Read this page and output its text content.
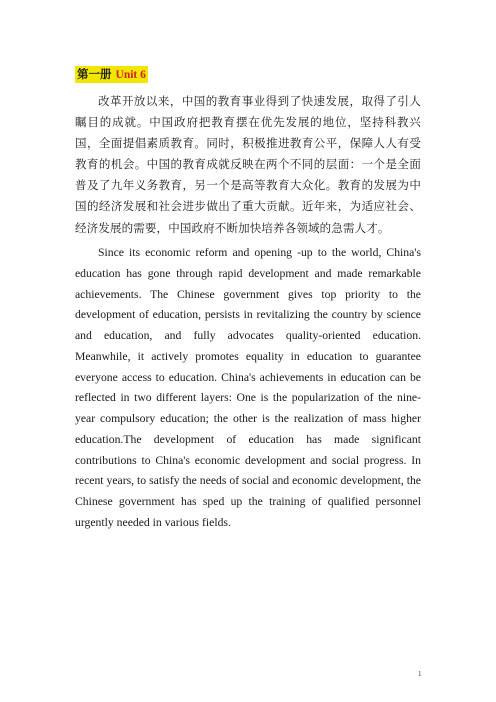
第一册 Unit 6

改革开放以来，中国的教育事业得到了快速发展，取得了引人瞩目的成就。中国政府把教育摆在优先发展的地位，坚持科教兴国，全面提倡素质教育。同时，积极推进教育公平，保障人人有受教育的机会。中国的教育成就反映在两个不同的层面：一个是全面普及了九年义务教育，另一个是高等教育大众化。教育的发展为中国的经济发展和社会进步做出了重大贡献。近年来，为适应社会、经济发展的需要，中国政府不断加快培养各领域的急需人才。

Since its economic reform and opening -up to the world, China's education has gone through rapid development and made remarkable achievements. The Chinese government gives top priority to the development of education, persists in revitalizing the country by science and education, and fully advocates quality-oriented education. Meanwhile, it actively promotes equality in education to guarantee everyone access to education. China's achievements in education can be reflected in two different layers: One is the popularization of the nine-year compulsory education; the other is the realization of mass higher education.The development of education has made significant contributions to China's economic development and social progress. In recent years, to satisfy the needs of social and economic development, the Chinese government has sped up the training of qualified personnel urgently needed in various fields.

1
